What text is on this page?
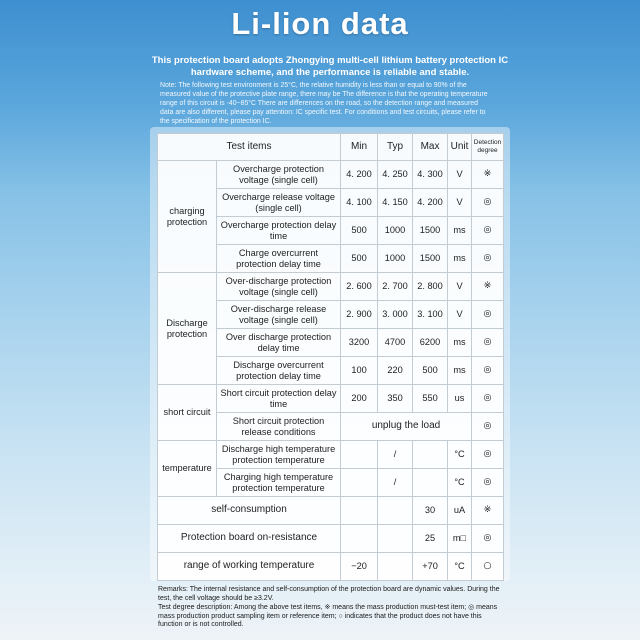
Li-lion data
This protection board adopts Zhongying multi-cell lithium battery protection IC hardware scheme, and the performance is reliable and stable.
Note: The following test environment is 25°C, the relative humidity is less than or equal to 90% of the measured value of the protective plate range, there may be The difference is that the operating temperature range of this circuit is -40~85°C There are differences on the road, so the detection range and measured data are also different, please pay attention: IC specific test. For conditions and test circuits, please refer to the specification of the protection IC.
Test items		Min	Typ	Max	Unit	Detection degree
charging protection	Overcharge protection voltage (single cell)	4. 200	4. 250	4. 300	V	※
	Overcharge release voltage (single cell)	4. 100	4. 150	4. 200	V	◎
	Overcharge protection delay time	500	1000	1500	ms	◎
	Charge overcurrent protection delay time	500	1000	1500	ms	◎
Discharge protection	Over-discharge protection voltage (single cell)	2. 600	2. 700	2. 800	V	※
	Over-discharge release voltage (single cell)	2. 900	3. 000	3. 100	V	◎
	Over discharge protection delay time	3200	4700	6200	ms	◎
	Discharge overcurrent protection delay time	100	220	500	ms	◎
short circuit	Short circuit protection delay time	200	350	550	us	◎
	Short circuit protection release conditions	unplug the load				◎
temperature	Discharge high temperature protection temperature		/		°C	◎
	Charging high temperature protection temperature		/		°C	◎
self-consumption				30	uA	※
Protection board on-resistance				25	m□	◎
range of working temperature		−20		+70	°C	○
Remarks: The internal resistance and self-consumption of the protection board are dynamic values. During the test, the cell voltage should be ≥3.2V.
Test degree description: Among the above test items, ※ means the mass production must-test item; ◎ means mass production product sampling item or reference item; ○ indicates that the product does not have this function or is not controlled.
